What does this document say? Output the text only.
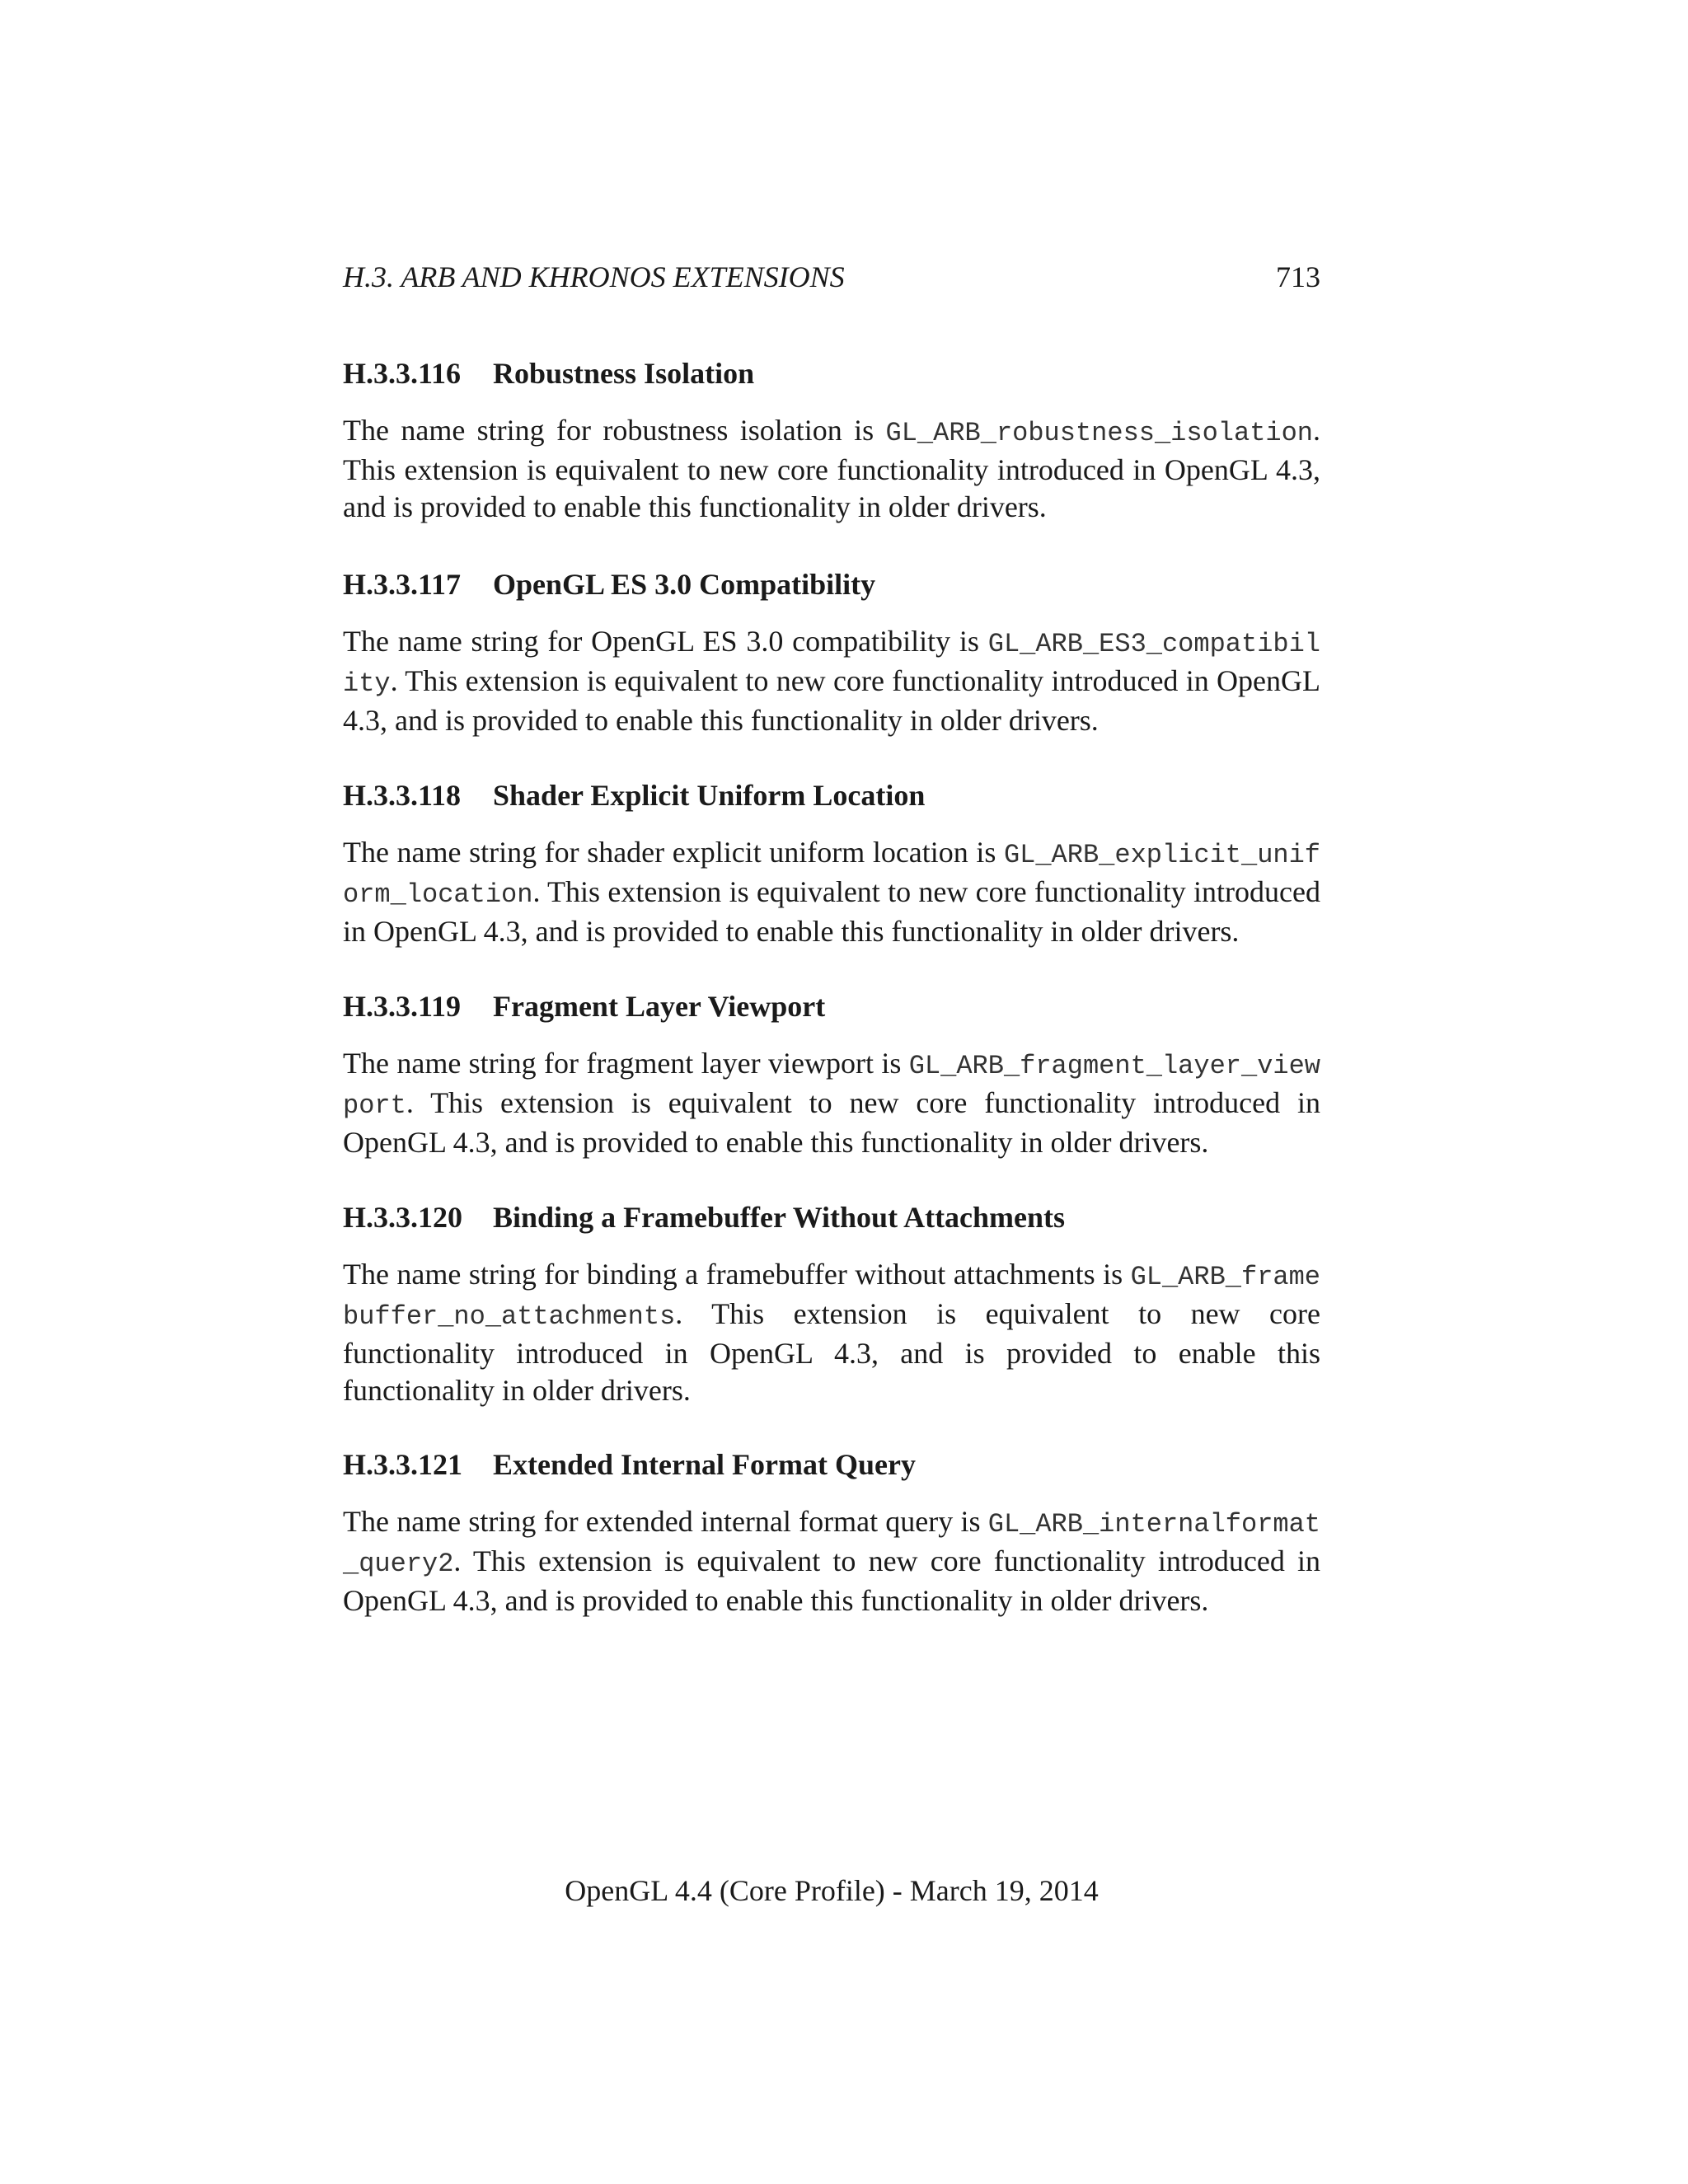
H.3. ARB AND KHRONOS EXTENSIONS	713
H.3.3.116 Robustness Isolation

The name string for robustness isolation is GL_ARB_robustness_isolation. This extension is equivalent to new core functionality introduced in OpenGL 4.3, and is provided to enable this functionality in older drivers.

H.3.3.117 OpenGL ES 3.0 Compatibility

The name string for OpenGL ES 3.0 compatibility is GL_ARB_ES3_compatibility. This extension is equivalent to new core functionality introduced in OpenGL 4.3, and is provided to enable this functionality in older drivers.

H.3.3.118 Shader Explicit Uniform Location

The name string for shader explicit uniform location is GL_ARB_explicit_uniform_location. This extension is equivalent to new core functionality introduced in OpenGL 4.3, and is provided to enable this functionality in older drivers.

H.3.3.119 Fragment Layer Viewport

The name string for fragment layer viewport is GL_ARB_fragment_layer_viewport. This extension is equivalent to new core functionality introduced in OpenGL 4.3, and is provided to enable this functionality in older drivers.

H.3.3.120 Binding a Framebuffer Without Attachments

The name string for binding a framebuffer without attachments is GL_ARB_framebuffer_no_attachments. This extension is equivalent to new core functionality introduced in OpenGL 4.3, and is provided to enable this functionality in older drivers.

H.3.3.121 Extended Internal Format Query

The name string for extended internal format query is GL_ARB_internalformat_query2. This extension is equivalent to new core functionality introduced in OpenGL 4.3, and is provided to enable this functionality in older drivers.

OpenGL 4.4 (Core Profile) - March 19, 2014
